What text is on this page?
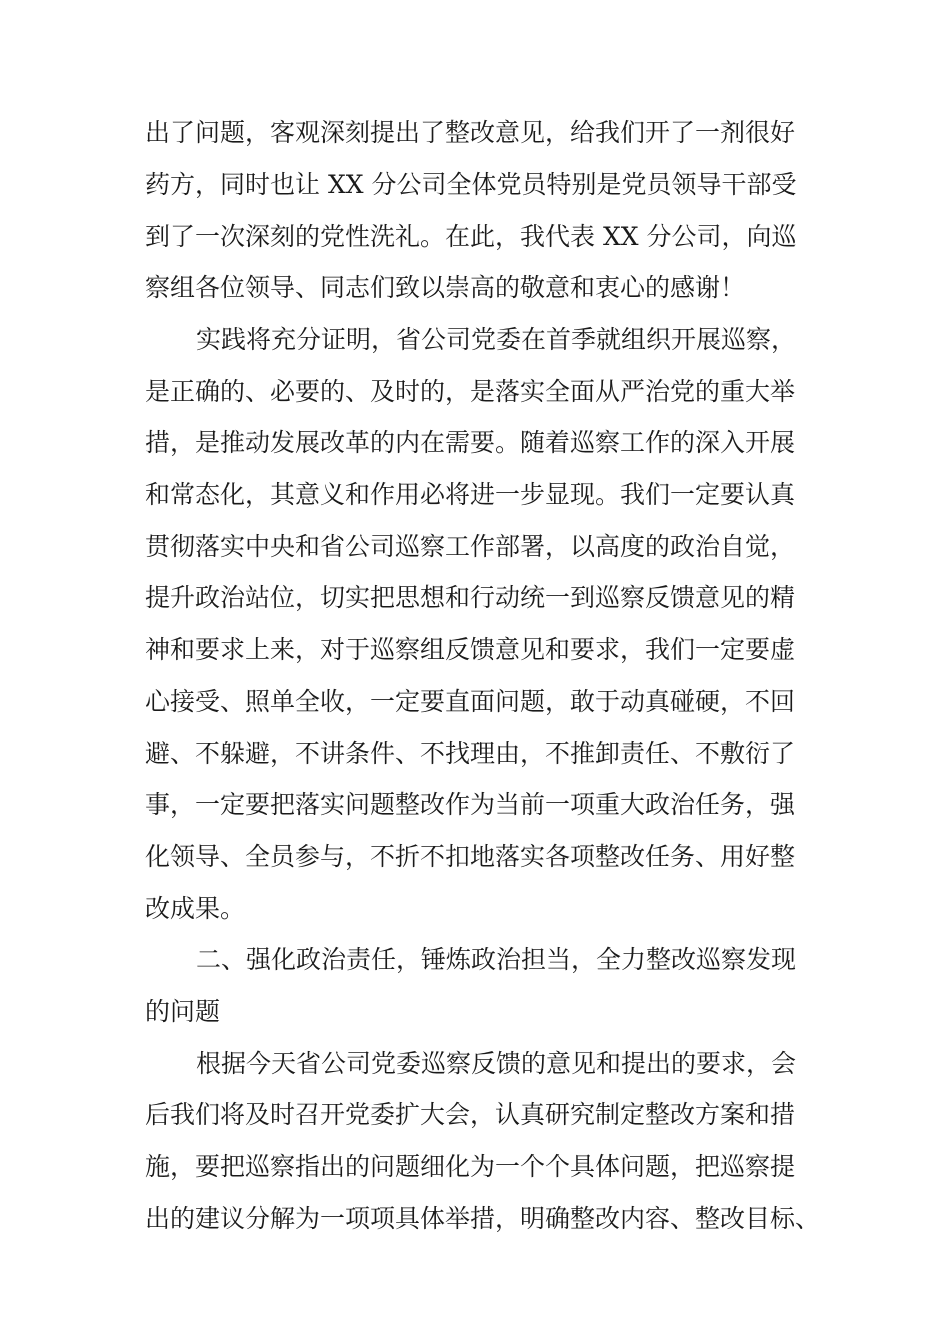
出了问题，客观深刻提出了整改意见，给我们开了一剂很好
药方，同时也让 XX 分公司全体党员特别是党员领导干部受
到了一次深刻的党性洗礼。在此，我代表 XX 分公司，向巡
察组各位领导、同志们致以崇高的敬意和衷心的感谢！
实践将充分证明，省公司党委在首季就组织开展巡察，
是正确的、必要的、及时的，是落实全面从严治党的重大举
措，是推动发展改革的内在需要。随着巡察工作的深入开展
和常态化，其意义和作用必将进一步显现。我们一定要认真
贯彻落实中央和省公司巡察工作部署，以高度的政治自觉，
提升政治站位，切实把思想和行动统一到巡察反馈意见的精
神和要求上来，对于巡察组反馈意见和要求，我们一定要虚
心接受、照单全收，一定要直面问题，敢于动真碰硬，不回
避、不躲避，不讲条件、不找理由，不推卸责任、不敷衍了
事，一定要把落实问题整改作为当前一项重大政治任务，强
化领导、全员参与，不折不扣地落实各项整改任务、用好整
改成果。
二、强化政治责任，锤炼政治担当，全力整改巡察发现
的问题
根据今天省公司党委巡察反馈的意见和提出的要求，会
后我们将及时召开党委扩大会，认真研究制定整改方案和措
施，要把巡察指出的问题细化为一个个具体问题，把巡察提
出的建议分解为一项项具体举措，明确整改内容、整改目标、
